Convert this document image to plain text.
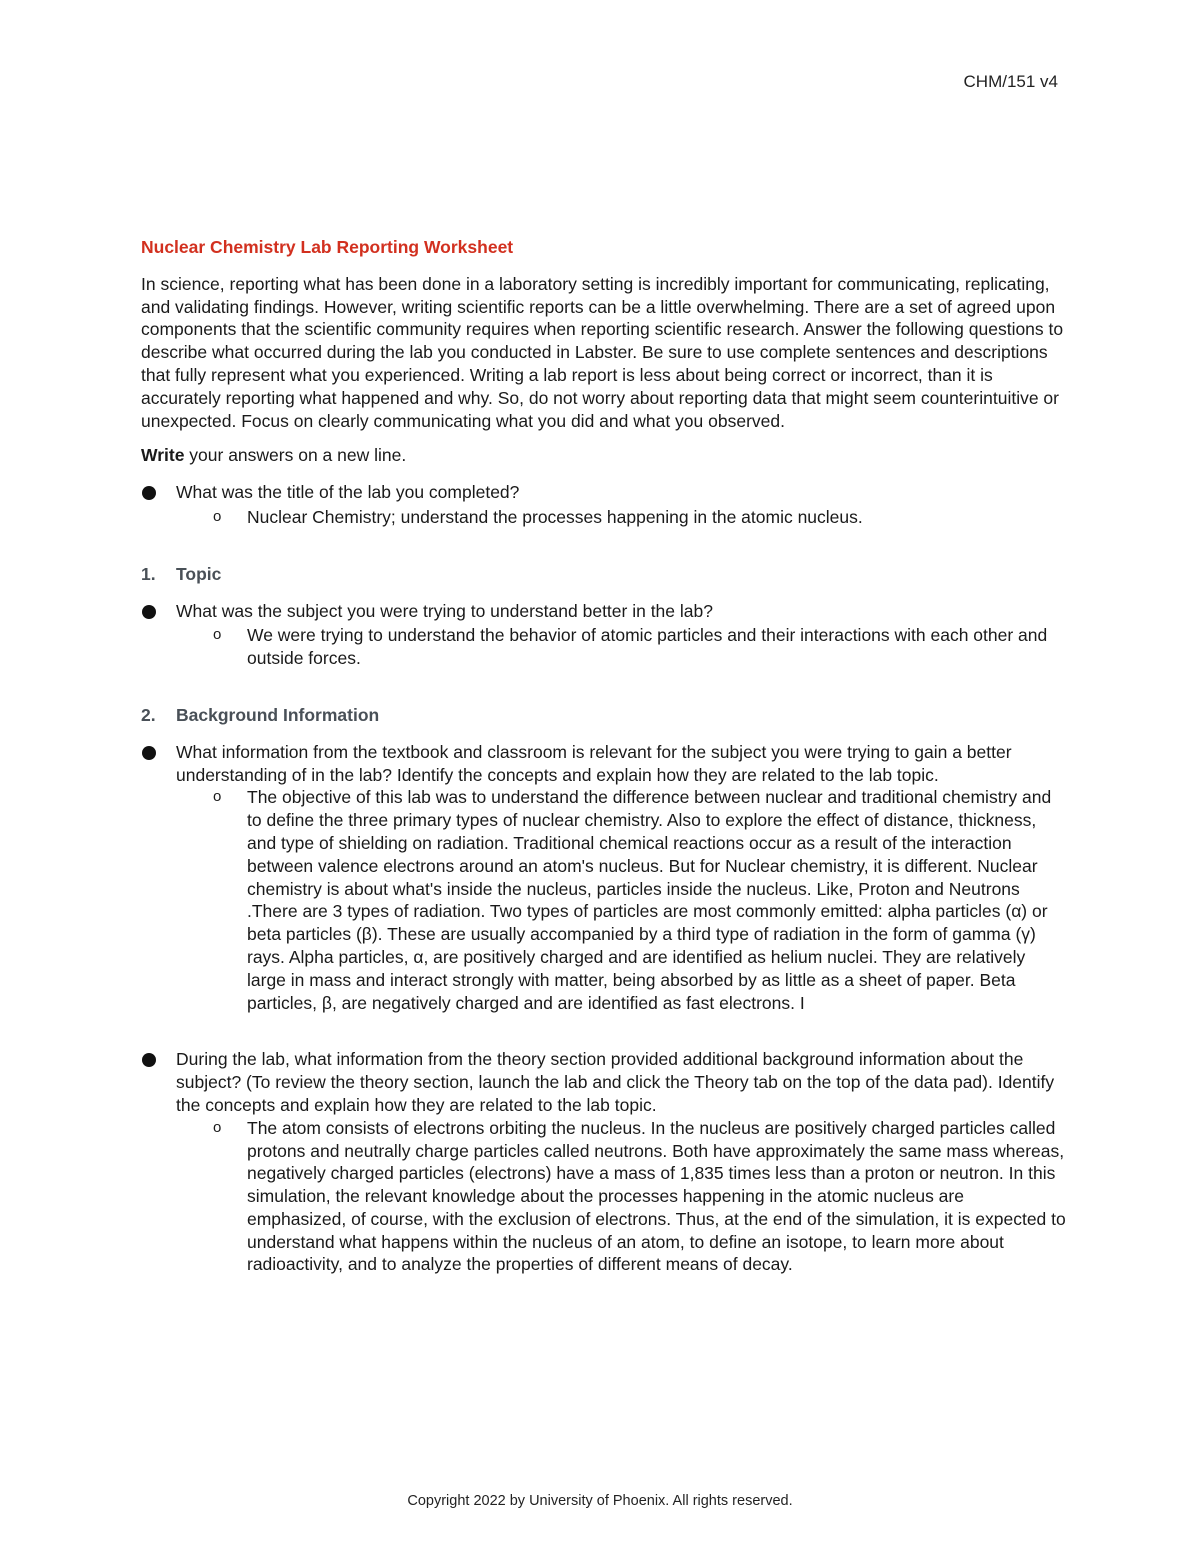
CHM/151 v4
Nuclear Chemistry Lab Reporting Worksheet

In science, reporting what has been done in a laboratory setting is incredibly important for communicating, replicating, and validating findings. However, writing scientific reports can be a little overwhelming. There are a set of agreed upon components that the scientific community requires when reporting scientific research. Answer the following questions to describe what occurred during the lab you conducted in Labster. Be sure to use complete sentences and descriptions that fully represent what you experienced. Writing a lab report is less about being correct or incorrect, than it is accurately reporting what happened and why. So, do not worry about reporting data that might seem counterintuitive or unexpected. Focus on clearly communicating what you did and what you observed.

Write your answers on a new line.

What was the title of the lab you completed?
o Nuclear Chemistry; understand the processes happening in the atomic nucleus.
1. Topic
What was the subject you were trying to understand better in the lab?
o We were trying to understand the behavior of atomic particles and their interactions with each other and outside forces.
2. Background Information
What information from the textbook and classroom is relevant for the subject you were trying to gain a better understanding of in the lab? Identify the concepts and explain how they are related to the lab topic.
o The objective of this lab was to understand the difference between nuclear and traditional chemistry and to define the three primary types of nuclear chemistry. Also to explore the effect of distance, thickness, and type of shielding on radiation. Traditional chemical reactions occur as a result of the interaction between valence electrons around an atom's nucleus. But for Nuclear chemistry, it is different. Nuclear chemistry is about what's inside the nucleus, particles inside the nucleus. Like, Proton and Neutrons .There are 3 types of radiation. Two types of particles are most commonly emitted: alpha particles (α) or beta particles (β). These are usually accompanied by a third type of radiation in the form of gamma (γ) rays. Alpha particles, α, are positively charged and are identified as helium nuclei. They are relatively large in mass and interact strongly with matter, being absorbed by as little as a sheet of paper. Beta particles, β, are negatively charged and are identified as fast electrons. I
During the lab, what information from the theory section provided additional background information about the subject? (To review the theory section, launch the lab and click the Theory tab on the top of the data pad). Identify the concepts and explain how they are related to the lab topic.
o The atom consists of electrons orbiting the nucleus. In the nucleus are positively charged particles called protons and neutrally charge particles called neutrons. Both have approximately the same mass whereas, negatively charged particles (electrons) have a mass of 1,835 times less than a proton or neutron. In this simulation, the relevant knowledge about the processes happening in the atomic nucleus are emphasized, of course, with the exclusion of electrons. Thus, at the end of the simulation, it is expected to understand what happens within the nucleus of an atom, to define an isotope, to learn more about radioactivity, and to analyze the properties of different means of decay.
Copyright 2022 by University of Phoenix. All rights reserved.
